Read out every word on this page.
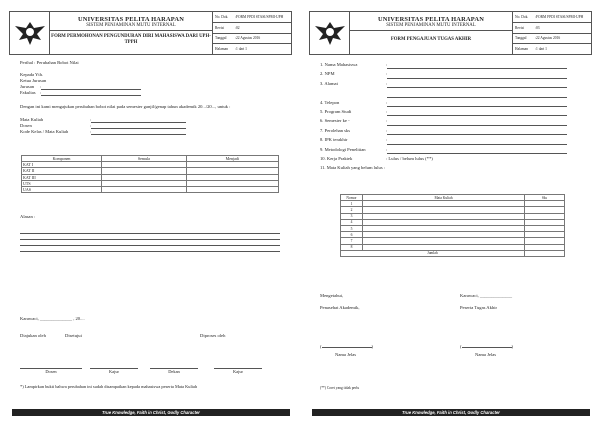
UNIVERSITAS PELITA HARAPAN
SISTEM PENJAMINAN MUTU INTERNAL
FORM PERMOHONAN PENGUNDURAN DIRI MAHASISWA DARI UPH-TPPH
No. Dok.	: FORM FPDI STASI/SPMI-UPH
Revisi	: 02
Tanggal	: 22 Agustus 2016
Halaman	: 1 dari 1
Perihal : Perubahan Bobot Nilai
Kepada Yth.
Ketua Jurusan
Jurusan	:
Fakultas :
Dengan ini kami mengajukan perubahan bobot nilai pada semester ganjil/genap tahun akademik 20.../20..., untuk :
Mata Kuliah	:
Dosen	:
Kode Kelas / Mata Kuliah	:
Komponen	Semula	Menjadi
KAT I		
KAT II		
KAT III		
UTS		
UAS		
Alasan :
Karawaci, ______________ , 20....
Diajukan oleh	Disetujui	Diproses oleh
Dosen	Kajur	Dekan	Kajur
*) Lampirkan bukti bahwa perubahan ini sudah disampaikan kepada mahasiswa peserta Mata Kuliah
True Knowledge, Faith in Christ, Godly Character
UNIVERSITAS PELITA HARAPAN
SISTEM PENJAMINAN MUTU INTERNAL
FORM PENGAJUAN TUGAS AKHIR
No. Dok.	: FORM FPDI STASI/SPMI-UPH
Revisi	: 03
Tanggal	: 22 Agustus 2016
Halaman	: 1 dari 1
1. Nama Mahasiswa	:
2. NPM	:
3. Alamat	:

4. Telepon	:
5. Program Studi	:
6. Semester ke -	:
7. Perolehan sks	:
8. IPK terakhir	:
9. Metodologi Penelitian	:
10. Kerja Praktek	: Lulus / belum lulus (**)
11. Mata Kuliah yang belum lulus :
Nomor	Mata Kuliah	Sks
1		
2		
3		
4		
5		
6		
7		
8		
Jumlah		
Mengetahui,	Karawaci, ______________
Penasehat Akademik,	Peserta Tugas Akhir
(	)	(	)
Nama Jelas	Nama Jelas
(**) Coret yang tidak perlu
True Knowledge, Faith in Christ, Godly Character
